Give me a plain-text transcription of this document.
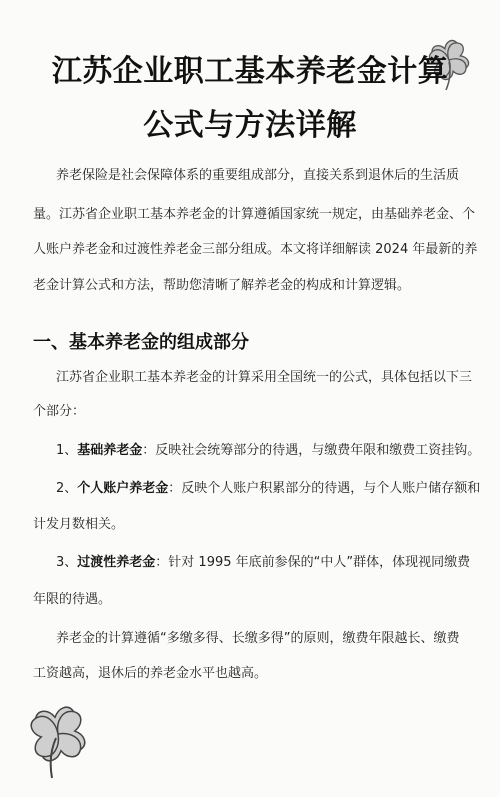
江苏企业职工基本养老金计算
公式与方法详解
养老保险是社会保障体系的重要组成部分，直接关系到退休后的生活质
量。江苏省企业职工基本养老金的计算遵循国家统一规定，由基础养老金、个
人账户养老金和过渡性养老金三部分组成。本文将详细解读 2024 年最新的养
老金计算公式和方法，帮助您清晰了解养老金的构成和计算逻辑。
一、基本养老金的组成部分
江苏省企业职工基本养老金的计算采用全国统一的公式，具体包括以下三
个部分：
1、基础养老金：反映社会统筹部分的待遇，与缴费年限和缴费工资挂钩。
2、个人账户养老金：反映个人账户积累部分的待遇，与个人账户储存额和
计发月数相关。
3、过渡性养老金：针对 1995 年底前参保的“中人”群体，体现视同缴费
年限的待遇。
养老金的计算遵循“多缴多得、长缴多得”的原则，缴费年限越长、缴费
工资越高，退休后的养老金水平也越高。
